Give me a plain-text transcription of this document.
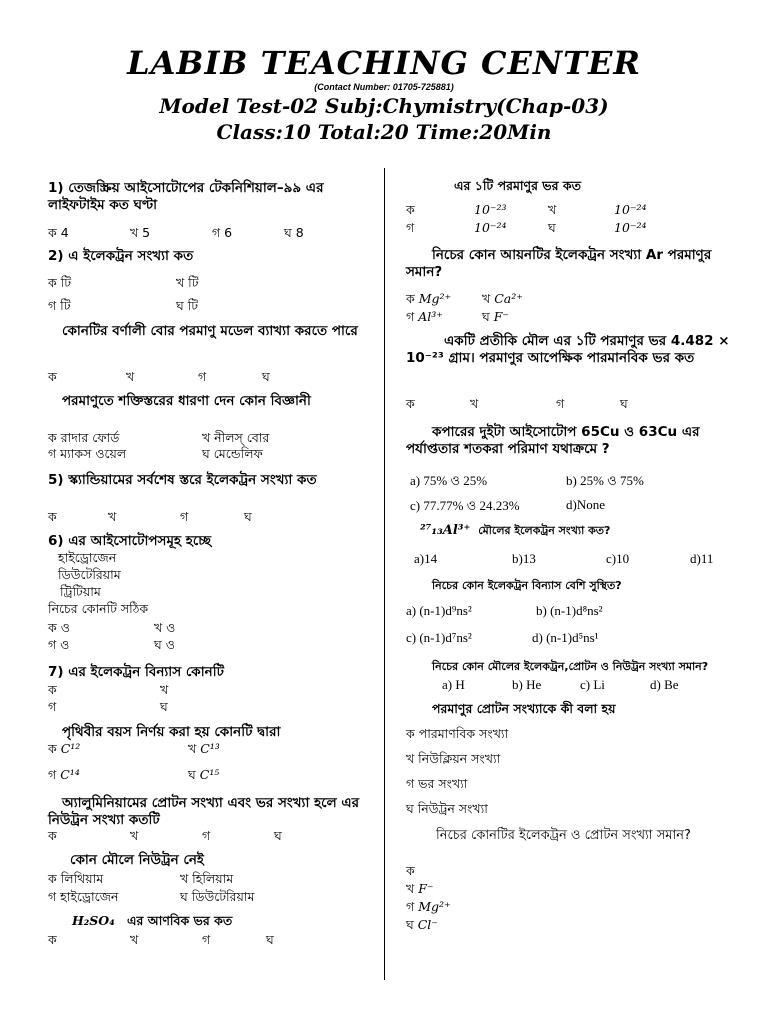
LABIB TEACHING CENTER
(Contact Number: 01705-725881)
Model Test-02 Subj:Chymistry(Chap-03)
Class:10 Total:20 Time:20Min
1) তেজস্ক্রিয় আইসোটোপের টেকনিশিয়াল–৯৯ এর লাইফটাইম কত ঘণ্টা
ক 4	খ 5	গ 6	ঘ 8
2) এ ইলেকট্রন সংখ্যা কত
ক টি	খ টি
গ টি	ঘ টি
কোনটির বর্ণালী বোর পরমাণু মডেল ব্যাখ্যা করতে পারে
ক	খ	গ	ঘ
পরমাণুতে শক্তিস্তরের ধারণা দেন কোন বিজ্ঞানী
ক রাদার ফোর্ড	খ নীলস্ বোর
গ ম্যাকস ওয়েল	ঘ মেন্ডেলিফ
5) স্ক্যান্ডিয়ামের সর্বশেষ স্তরে ইলেকট্রন সংখ্যা কত
ক	খ	গ	ঘ
6) এর আইসোটোপসমূহ হচ্ছে
হাইড্রোজেন
ডিউটেরিয়াম
ট্রিটিয়াম
নিচের কোনটি সঠিক
ক ও	খ ও
গ ও	ঘ ও
7) এর ইলেকট্রন বিন্যাস কোনটি
ক	খ
গ	ঘ
পৃথিবীর বয়স নির্ণয় করা হয় কোনটি দ্বারা
ক C¹²	খ C¹³
গ C¹⁴	ঘ C¹⁵
অ্যালুমিনিয়ামের প্রোটন সংখ্যা এবং ভর সংখ্যা হলে এর নিউট্রন সংখ্যা কতটি
ক	খ	গ	ঘ
কোন মৌলে নিউট্রন নেই
ক লিথিয়াম	খ হিলিয়াম
গ হাইড্রোজেন	ঘ ডিউটেরিয়াম
H₂SO₄ এর আণবিক ভর কত
ক	খ	গ	ঘ
এর ১টি পরমাণুর ভর কত
ক	10⁻²³	খ	10⁻²⁴
গ	10⁻²⁴	ঘ	10⁻²⁴
নিচের কোন আয়নটির ইলেকট্রন সংখ্যা Ar পরমাণুর সমান?
ক Mg²⁺ খ Ca²⁺
গ Al³⁺	ঘ F⁻
একটি প্রতীকি মৌল এর ১টি পরমাণুর ভর 4.482 × 10⁻²³ গ্রাম। পরমাণুর আপেক্ষিক পারমানবিক ভর কত
ক	খ	গ	ঘ
কপারের দুইটা আইসোটোপ 65Cu ও 63Cu এর পর্যাপ্ততার শতকরা পরিমাণ যথাক্রমে ?
a) 75% ও 25%	b) 25% ও 75%
c) 77.77% ও 24.23%	d)None
²⁷₁₃Al³⁺ মৌলের ইলেকট্রন সংখ্যা কত?
a)14	b)13	c)10	d)11
নিচের কোন ইলেকট্রন বিন্যাস বেশি সুস্থিত?
a) (n-1)d⁹ns²	b) (n-1)d⁸ns²
c) (n-1)d⁷ns²	d) (n-1)d⁵ns¹
নিচের কোন মৌলের ইলেকট্রন,প্রোটন ও নিউট্রন সংখ্যা সমান?
a) H	b) He	c) Li	d) Be
পরমাণুর প্রোটন সংখ্যাকে কী বলা হয়
ক পারমাণবিক সংখ্যা
খ নিউক্লিয়ন সংখ্যা
গ ভর সংখ্যা
ঘ নিউট্রন সংখ্যা
নিচের কোনটির ইলেকট্রন ও প্রোটন সংখ্যা সমান?
ক
খ F⁻
গ Mg²⁺
ঘ Cl⁻
